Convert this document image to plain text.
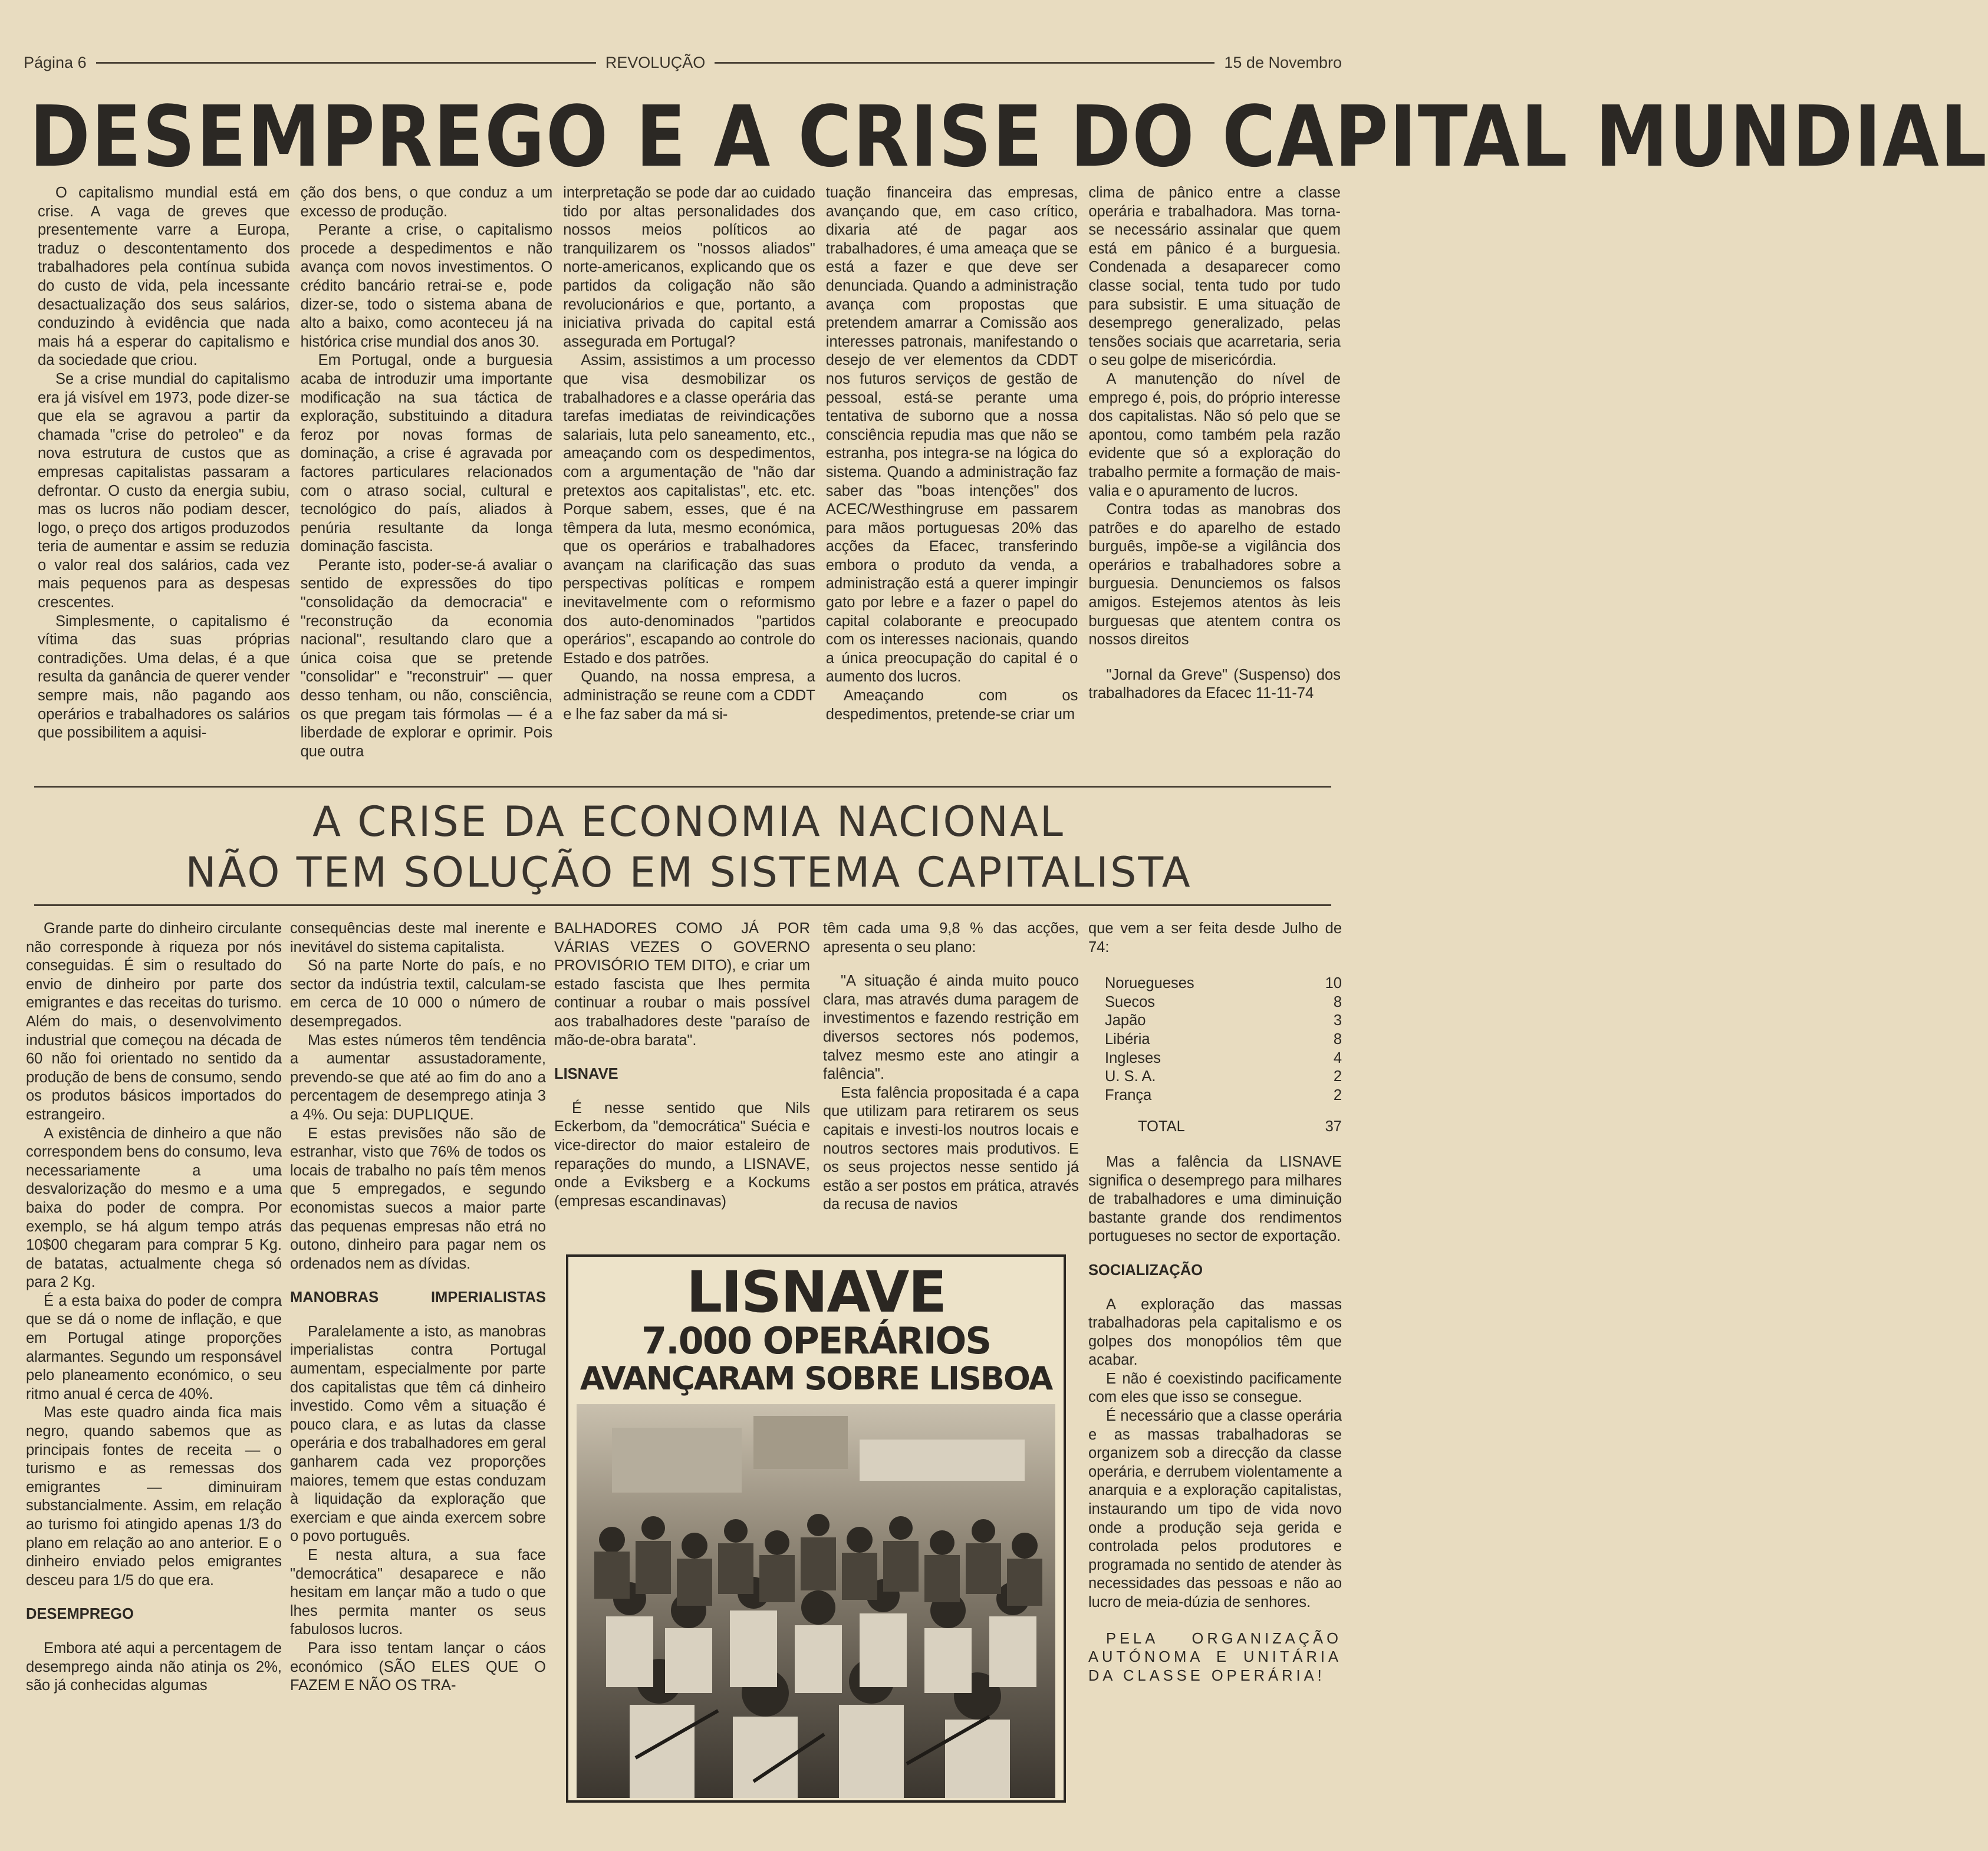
Página 6	REVOLUÇÃO	15 de Novembro
DESEMPREGO E A CRISE DO CAPITAL MUNDIAL

O capitalismo mundial está em crise. A vaga de greves que presentemente varre a Europa, traduz o descontentamento dos trabalhadores pela contínua subida do custo de vida, pela incessante desactualização dos seus salários, conduzindo à evidência que nada mais há a esperar do capitalismo e da sociedade que criou.

Se a crise mundial do capitalismo era já visível em 1973, pode dizer-se que ela se agravou a partir da chamada "crise do petroleo" e da nova estrutura de custos que as empresas capitalistas passaram a defrontar. O custo da energia subiu, mas os lucros não podiam descer, logo, o preço dos artigos produzodos teria de aumentar e assim se reduzia o valor real dos salários, cada vez mais pequenos para as despesas crescentes.

Simplesmente, o capitalismo é vítima das suas próprias contradições. Uma delas, é a que resulta da ganância de querer vender sempre mais, não pagando aos operários e trabalhadores os salários que possibilitem a aquisi-

ção dos bens, o que conduz a um excesso de produção.

Perante a crise, o capitalismo procede a despedimentos e não avança com novos investimentos. O crédito bancário retrai-se e, pode dizer-se, todo o sistema abana de alto a baixo, como aconteceu já na histórica crise mundial dos anos 30.

Em Portugal, onde a burguesia acaba de introduzir uma importante modificação na sua táctica de exploração, substituindo a ditadura feroz por novas formas de dominação, a crise é agravada por factores particulares relacionados com o atraso social, cultural e tecnológico do país, aliados à penúria resultante da longa dominação fascista.

Perante isto, poder-se-á avaliar o sentido de expressões do tipo "consolidação da democracia" e "reconstrução da economia nacional", resultando claro que a única coisa que se pretende "consolidar" e "reconstruir" — quer desso tenham, ou não, consciência, os que pregam tais fórmolas — é a liberdade de explorar e oprimir. Pois que outra

interpretação se pode dar ao cuidado tido por altas personalidades dos nossos meios políticos ao tranquilizarem os "nossos aliados" norte-americanos, explicando que os partidos da coligação não são revolucionários e que, portanto, a iniciativa privada do capital está assegurada em Portugal?

Assim, assistimos a um processo que visa desmobilizar os trabalhadores e a classe operária das tarefas imediatas de reivindicações salariais, luta pelo saneamento, etc., ameaçando com os despedimentos, com a argumentação de "não dar pretextos aos capitalistas", etc. etc. Porque sabem, esses, que é na têmpera da luta, mesmo económica, que os operários e trabalhadores avançam na clarificação das suas perspectivas políticas e rompem inevitavelmente com o reformismo dos auto-denominados "partidos operários", escapando ao controle do Estado e dos patrões.

Quando, na nossa empresa, a administração se reune com a CDDT e lhe faz saber da má si-

tuação financeira das empresas, avançando que, em caso crítico, dixaria até de pagar aos trabalhadores, é uma ameaça que se está a fazer e que deve ser denunciada. Quando a administração avança com propostas que pretendem amarrar a Comissão aos interesses patronais, manifestando o desejo de ver elementos da CDDT nos futuros serviços de gestão de pessoal, está-se perante uma tentativa de suborno que a nossa consciência repudia mas que não se estranha, pos integra-se na lógica do sistema. Quando a administração faz saber das "boas intenções" dos ACEC/Westhingruse em passarem para mãos portuguesas 20% das acções da Efacec, transferindo embora o produto da venda, a administração está a querer impingir gato por lebre e a fazer o papel do capital colaborante e preocupado com os interesses nacionais, quando a única preocupação do capital é o aumento dos lucros.

Ameaçando com os despedimentos, pretende-se criar um

clima de pânico entre a classe operária e trabalhadora. Mas torna-se necessário assinalar que quem está em pânico é a burguesia. Condenada a desaparecer como classe social, tenta tudo por tudo para subsistir. E uma situação de desemprego generalizado, pelas tensões sociais que acarretaria, seria o seu golpe de misericórdia.

A manutenção do nível de emprego é, pois, do próprio interesse dos capitalistas. Não só pelo que se apontou, como também pela razão evidente que só a exploração do trabalho permite a formação de mais-valia e o apuramento de lucros.

Contra todas as manobras dos patrões e do aparelho de estado burguês, impõe-se a vigilância dos operários e trabalhadores sobre a burguesia. Denunciemos os falsos amigos. Estejemos atentos às leis burguesas que atentem contra os nossos direitos

"Jornal da Greve" (Suspenso) dos trabalhadores da Efacec 11-11-74

A CRISE DA ECONOMIA NACIONAL
NÃO TEM SOLUÇÃO EM SISTEMA CAPITALISTA

Grande parte do dinheiro circulante não corresponde à riqueza por nós conseguidas. É sim o resultado do envio de dinheiro por parte dos emigrantes e das receitas do turismo. Além do mais, o desenvolvimento industrial que começou na década de 60 não foi orientado no sentido da produção de bens de consumo, sendo os produtos básicos importados do estrangeiro.

A existência de dinheiro a que não correspondem bens do consumo, leva necessariamente a uma desvalorização do mesmo e a uma baixa do poder de compra. Por exemplo, se há algum tempo atrás 10$00 chegaram para comprar 5 Kg. de batatas, actualmente chega só para 2 Kg.

É a esta baixa do poder de compra que se dá o nome de inflação, e que em Portugal atinge proporções alarmantes. Segundo um responsável pelo planeamento económico, o seu ritmo anual é cerca de 40%.

Mas este quadro ainda fica mais negro, quando sabemos que as principais fontes de receita — o turismo e as remessas dos emigrantes — diminuiram substancialmente. Assim, em relação ao turismo foi atingido apenas 1/3 do plano em relação ao ano anterior. E o dinheiro enviado pelos emigrantes desceu para 1/5 do que era.

DESEMPREGO

Embora até aqui a percentagem de desemprego ainda não atinja os 2%, são já conhecidas algumas

consequências deste mal inerente e inevitável do sistema capitalista.

Só na parte Norte do país, e no sector da indústria textil, calculam-se em cerca de 10 000 o número de desempregados.

Mas estes números têm tendência a aumentar assustadoramente, prevendo-se que até ao fim do ano a percentagem de desemprego atinja 3 a 4%. Ou seja: DUPLIQUE.

E estas previsões não são de estranhar, visto que 76% de todos os locais de trabalho no país têm menos que 5 empregados, e segundo economistas suecos a maior parte das pequenas empresas não etrá no outono, dinheiro para pagar nem os ordenados nem as dívidas.

MANOBRAS	IMPERIALISTAS

Paralelamente a isto, as manobras imperialistas contra Portugal aumentam, especialmente por parte dos capitalistas que têm cá dinheiro investido. Como vêm a situação é pouco clara, e as lutas da classe operária e dos trabalhadores em geral ganharem cada vez proporções maiores, temem que estas conduzam à liquidação da exploração que exerciam e que ainda exercem sobre o povo português.

E nesta altura, a sua face "democrática" desaparece e não hesitam em lançar mão a tudo o que lhes permita manter os seus fabulosos lucros.

Para isso tentam lançar o cáos económico (SÃO ELES QUE O FAZEM E NÃO OS TRA-

BALHADORES COMO JÁ POR VÁRIAS VEZES O GOVERNO PROVISÓRIO TEM DITO), e criar um estado fascista que lhes permita continuar a roubar o mais possível aos trabalhadores deste "paraíso de mão-de-obra barata".

LISNAVE

É nesse sentido que Nils Eckerbom, da "democrática" Suécia e vice-director do maior estaleiro de reparações do mundo, a LISNAVE, onde a Eviksberg e a Kockums (empresas escandinavas)

têm cada uma 9,8 % das acções, apresenta o seu plano:

"A situação é ainda muito pouco clara, mas através duma paragem de investimentos e fazendo restrição em diversos sectores nós podemos, talvez mesmo este ano atingir a falência".

Esta falência propositada é a capa que utilizam para retirarem os seus capitais e investi-los noutros locais e noutros sectores mais produtivos. E os seus projectos nesse sentido já estão a ser postos em prática, através da recusa de navios

que vem a ser feita desde Julho de 74:

Noruegueses	10
Suecos	8
Japão	3
Libéria	8
Ingleses	4
U. S. A.	2
França	2
TOTAL	37

Mas a falência da LISNAVE significa o desemprego para milhares de trabalhadores e uma diminuição bastante grande dos rendimentos portugueses no sector de exportação.

SOCIALIZAÇÃO

A exploração das massas trabalhadoras pela capitalismo e os golpes dos monopólios têm que acabar.

E não é coexistindo pacificamente com eles que isso se consegue.

É necessário que a classe operária e as massas trabalhadoras se organizem sob a direcção da classe operária, e derrubem violentamente a anarquia e a exploração capitalistas, instaurando um tipo de vida novo onde a produção seja gerida e controlada pelos produtores e programada no sentido de atender às necessidades das pessoas e não ao lucro de meia-dúzia de senhores.

PELA ORGANIZAÇÃO AUTÓNOMA E UNITÁRIA DA CLASSE OPERÁRIA!

LISNAVE
7.000 OPERÁRIOS
AVANÇARAM SOBRE LISBOA
